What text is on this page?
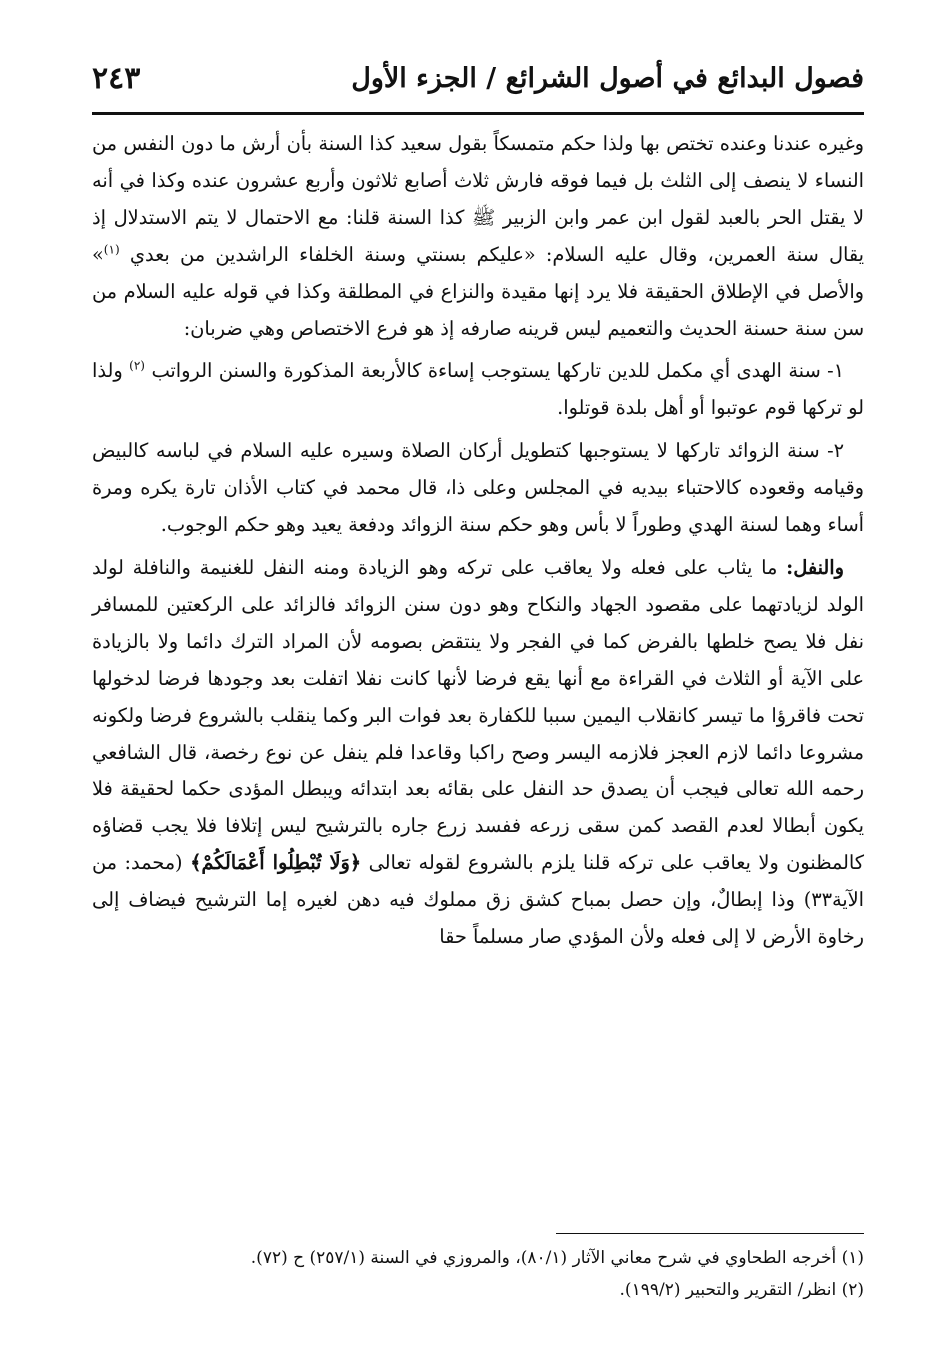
فصول البدائع في أصول الشرائع / الجزء الأول
٢٤٣

وغيره عندنا وعنده تختص بها ولذا حكم متمسكاً بقول سعيد كذا السنة بأن أرش ما دون النفس من النساء لا ينصف إلى الثلث بل فيما فوقه فارش ثلاث أصابع ثلاثون وأربع عشرون عنده وكذا في أنه لا يقتل الحر بالعبد لقول ابن عمر وابن الزبير ﷺ كذا السنة قلنا: مع الاحتمال لا يتم الاستدلال إذ يقال سنة العمرين، وقال عليه السلام: «عليكم بسنتي وسنة الخلفاء الراشدين من بعدي $^{(١)}$» والأصل في الإطلاق الحقيقة فلا يرد إنها مقيدة والنزاع في المطلقة وكذا في قوله عليه السلام من سن سنة حسنة الحديث والتعميم ليس قرينه صارفه إذ هو فرع الاختصاص وهي ضربان:

١- سنة الهدى أي مكمل للدين تاركها يستوجب إساءة كالأربعة المذكورة والسنن الرواتب $^{(٢)}$ ولذا لو تركها قوم عوتبوا أو أهل بلدة قوتلوا.

٢- سنة الزوائد تاركها لا يستوجبها كتطويل أركان الصلاة وسيره عليه السلام في لباسه كالبيض وقيامه وقعوده كالاحتباء بيديه في المجلس وعلى ذا، قال محمد في كتاب الأذان تارة يكره ومرة أساء وهما لسنة الهدي وطوراً لا بأس وهو حكم سنة الزوائد ودفعة يعيد وهو حكم الوجوب.

والنفل: ما يثاب على فعله ولا يعاقب على تركه وهو الزيادة ومنه النفل للغنيمة والنافلة لولد الولد لزيادتهما على مقصود الجهاد والنكاح وهو دون سنن الزوائد فالزائد على الركعتين للمسافر نفل فلا يصح خلطها بالفرض كما في الفجر ولا ينتقض بصومه لأن المراد الترك دائما ولا بالزيادة على الآية أو الثلاث في القراءة مع أنها يقع فرضا لأنها كانت نفلا اتفلت بعد وجودها فرضا لدخولها تحت فاقرؤا ما تيسر كانقلاب اليمين سببا للكفارة بعد فوات البر وكما ينقلب بالشروع فرضا ولكونه مشروعا دائما لازم العجز فلازمه اليسر وصح راكبا وقاعدا فلم ينفل عن نوع رخصة، قال الشافعي رحمه الله تعالى فيجب أن يصدق حد النفل على بقائه بعد ابتدائه ويبطل المؤدى حكما لحقيقة فلا يكون أبطالا لعدم القصد كمن سقى زرعه ففسد زرع جاره بالترشيح ليس إتلافا فلا يجب قضاؤه كالمظنون ولا يعاقب على تركه قلنا يلزم بالشروع لقوله تعالى ﴿وَلَا تُبْطِلُوا أَعْمَالَكُمْ﴾ (محمد: من الآية٣٣) وذا إبطالٌ، وإن حصل بمباح كشق زق مملوك فيه دهن لغيره إما الترشيح فيضاف إلى رخاوة الأرض لا إلى فعله ولأن المؤدي صار مسلماً حقا

(١) أخرجه الطحاوي في شرح معاني الآثار (٨٠/١)، والمروزي في السنة (٢٥٧/١) ح (٧٢).

(٢) انظر/ التقرير والتحبير (١٩٩/٢).
